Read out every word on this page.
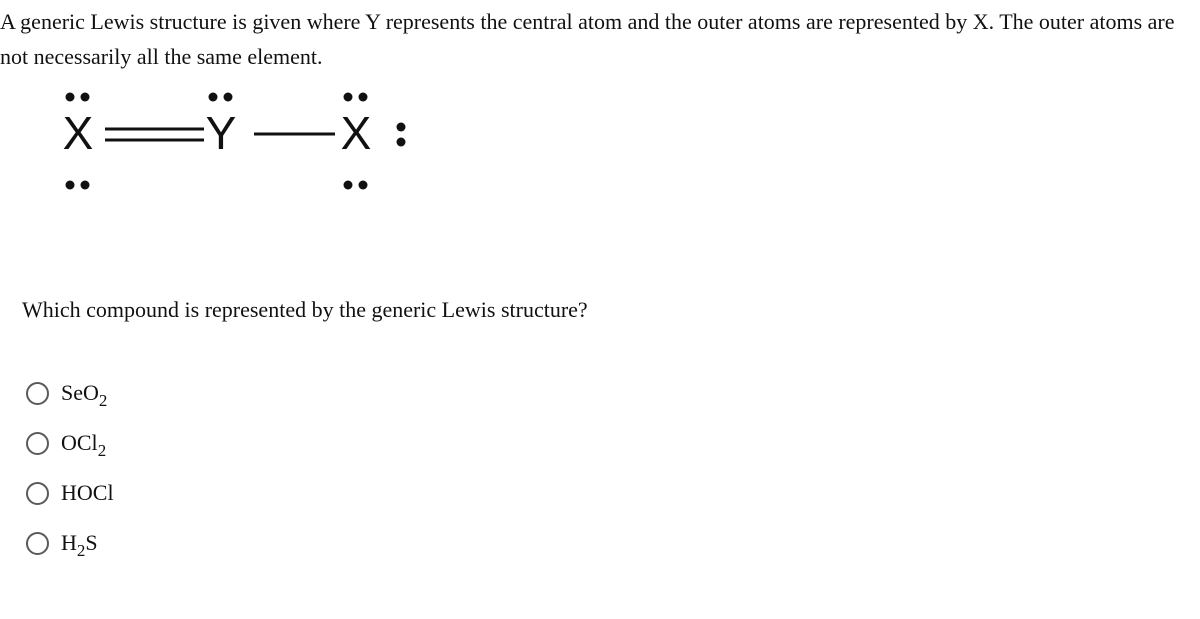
A generic Lewis structure is given where Y represents the central atom and the outer atoms are represented by X. The outer atoms are not necessarily all the same element.

X Y X

Which compound is represented by the generic Lewis structure?

SeO$_2$
OCl$_2$
HOCl
$H_2S$
